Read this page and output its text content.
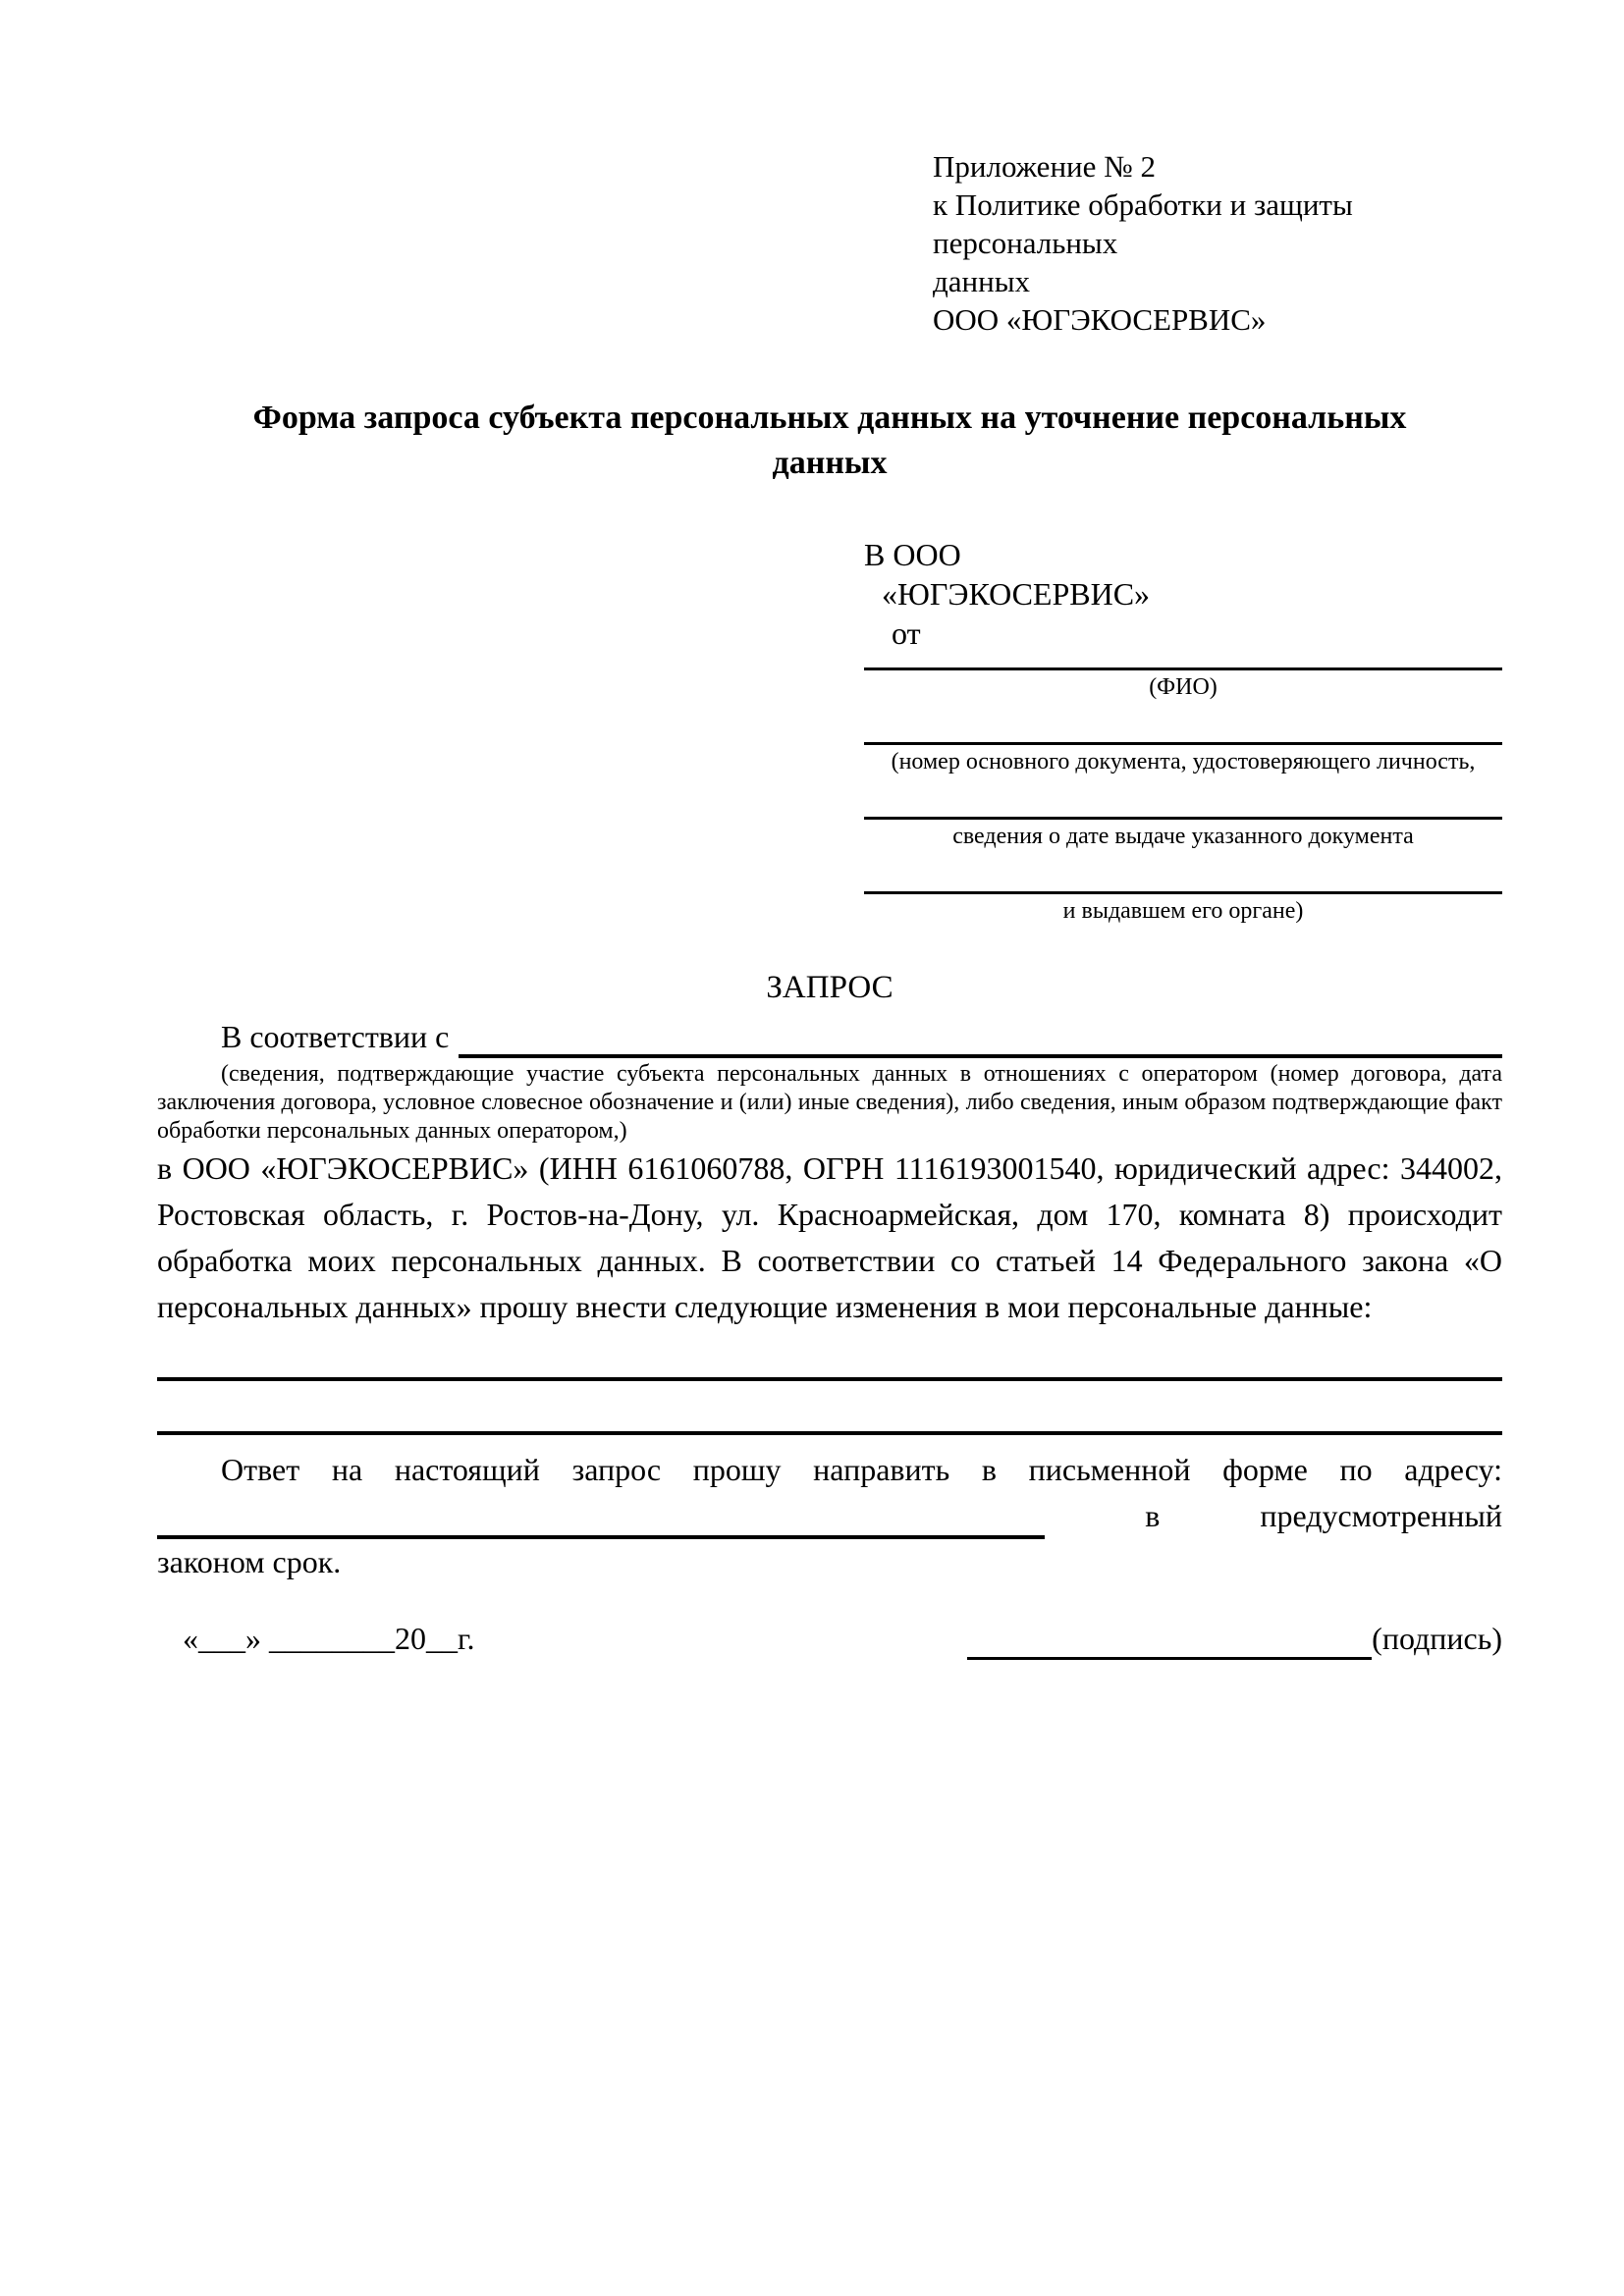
Приложение № 2
к Политике обработки и защиты персональных
данных
ООО «ЮГЭКОСЕРВИС»
Форма запроса субъекта персональных данных на уточнение персональных данных
В ООО
«ЮГЭКОСЕРВИС»
от
(ФИО)
(номер основного документа, удостоверяющего личность,
сведения о дате выдаче указанного документа
и выдавшем его органе)
ЗАПРОС
В соответствии с
(сведения, подтверждающие участие субъекта персональных данных в отношениях с оператором (номер договора, дата заключения договора, условное словесное обозначение и (или) иные сведения), либо сведения, иным образом подтверждающие факт обработки персональных данных оператором,)
в ООО «ЮГЭКОСЕРВИС» (ИНН 6161060788, ОГРН 1116193001540, юридический адрес: 344002, Ростовская область, г. Ростов-на-Дону, ул. Красноармейская, дом 170, комната 8) происходит обработка моих персональных данных. В соответствии со статьей 14 Федерального закона «О персональных данных» прошу внести следующие изменения в мои персональные данные:
Ответ на настоящий запрос прошу направить в письменной форме по адресу:
в	предусмотренный
законом срок.
«___» ________20__г.	(подпись)
